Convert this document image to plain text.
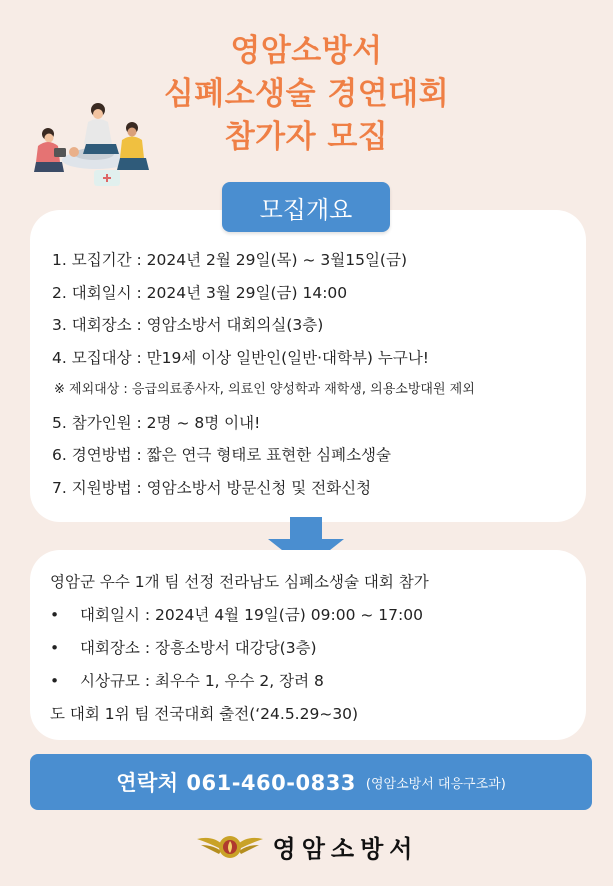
영암소방서
심폐소생술 경연대회
참가자 모집
1. 모집기간 : 2024년 2월 29일(목) ~ 3월15일(금)
2. 대회일시 : 2024년 3월 29일(금) 14:00
3. 대회장소 : 영암소방서 대회의실(3층)
4. 모집대상 : 만19세 이상 일반인(일반·대학부) 누구나!
※ 제외대상 : 응급의료종사자, 의료인 양성학과 재학생, 의용소방대원 제외
5. 참가인원 : 2명 ~ 8명 이내!
6. 경연방법 : 짧은 연극 형태로 표현한 심폐소생술
7. 지원방법 : 영암소방서 방문신청 및 전화신청
모집개요
영암군 우수 1개 팀 선정 전라남도 심폐소생술 대회 참가
• 대회일시 : 2024년 4월 19일(금) 09:00 ~ 17:00
• 대회장소 : 장흥소방서 대강당(3층)
• 시상규모 : 최우수 1, 우수 2, 장려 8
도 대회 1위 팀 전국대회 출전(‘24.5.29~30)
연락처 061-460-0833 (영암소방서 대응구조과)
영암소방서
